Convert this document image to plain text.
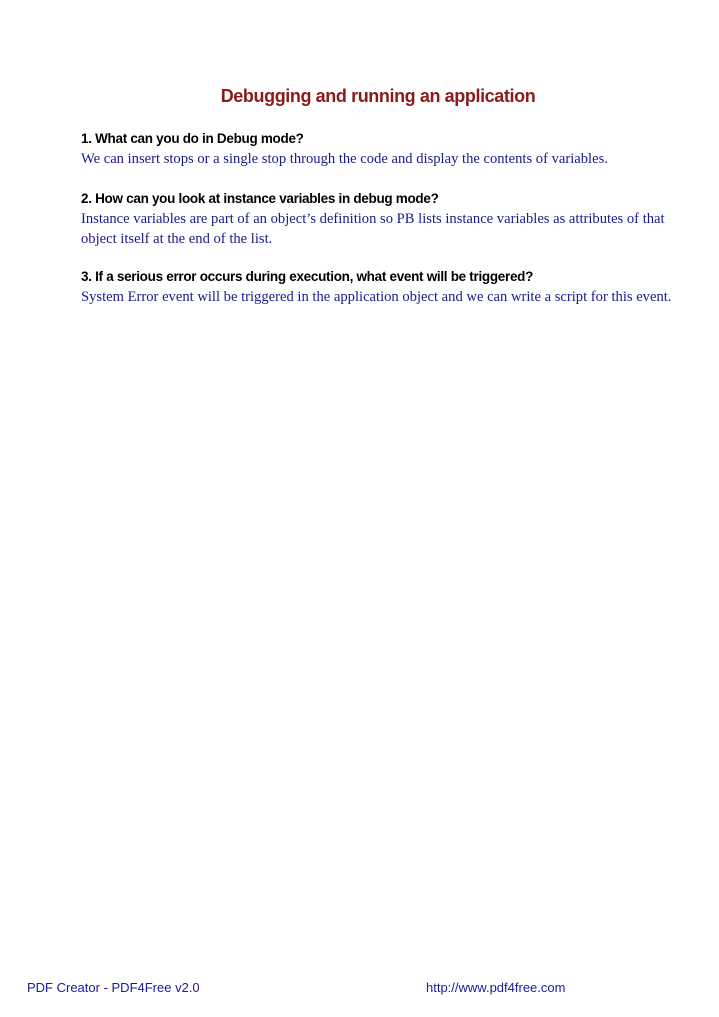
Debugging and running an application
1. What can you do in Debug mode?
We can insert stops or a single stop through the code and display the contents of variables.
2. How can you look at instance variables in debug mode?
Instance variables are part of an object’s definition so PB lists instance variables as attributes of that object itself at the end of the list.
3. If a serious error occurs during execution, what event will be triggered?
System Error event will be triggered in the application object and we can write a script for this event.
PDF Creator - PDF4Free v2.0	http://www.pdf4free.com
